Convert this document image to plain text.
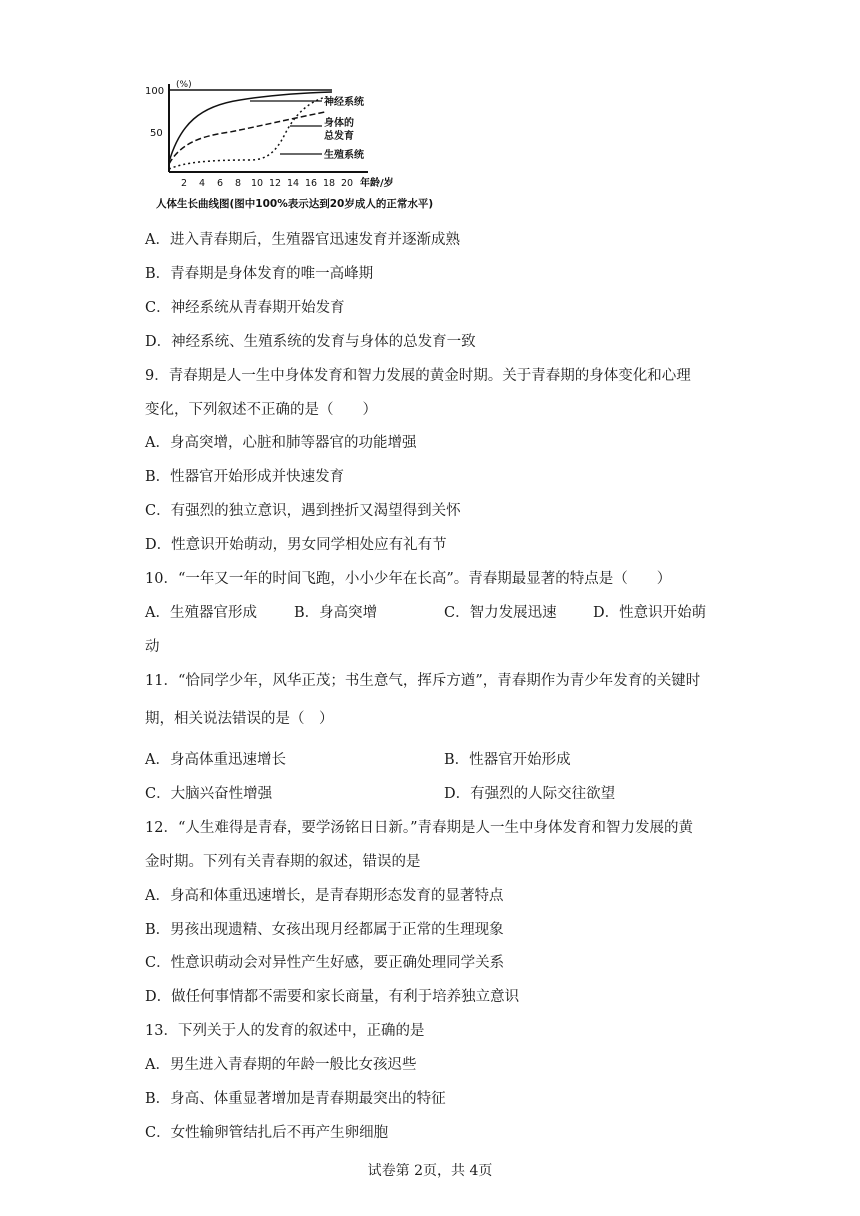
(%)
100
50
神经系统
身体的
总发育
生殖系统
2 4 6 8 10 12 14 16 18 20 年龄/岁
人体生长曲线图(图中100%表示达到20岁成人的正常水平)
A．进入青春期后，生殖器官迅速发育并逐渐成熟
B．青春期是身体发育的唯一高峰期
C．神经系统从青春期开始发育
D．神经系统、生殖系统的发育与身体的总发育一致
9．青春期是人一生中身体发育和智力发展的黄金时期。关于青春期的身体变化和心理
变化，下列叙述不正确的是（　　）
A．身高突增，心脏和肺等器官的功能增强
B．性器官开始形成并快速发育
C．有强烈的独立意识，遇到挫折又渴望得到关怀
D．性意识开始萌动，男女同学相处应有礼有节
10．“一年又一年的时间飞跑，小小少年在长高”。青春期最显著的特点是（　　）
A．生殖器官形成	B．身高突增	C．智力发展迅速	D．性意识开始萌
动
11．“恰同学少年，风华正茂；书生意气，挥斥方遒”，青春期作为青少年发育的关键时
期，相关说法错误的是（　）
A．身高体重迅速增长	B．性器官开始形成
C．大脑兴奋性增强	D．有强烈的人际交往欲望
12．“人生难得是青春，要学汤铭日日新。”青春期是人一生中身体发育和智力发展的黄
金时期。下列有关青春期的叙述，错误的是
A．身高和体重迅速增长，是青春期形态发育的显著特点
B．男孩出现遗精、女孩出现月经都属于正常的生理现象
C．性意识萌动会对异性产生好感，要正确处理同学关系
D．做任何事情都不需要和家长商量，有利于培养独立意识
13．下列关于人的发育的叙述中，正确的是
A．男生进入青春期的年龄一般比女孩迟些
B．身高、体重显著增加是青春期最突出的特征
C．女性输卵管结扎后不再产生卵细胞
试卷第 2页，共 4页
